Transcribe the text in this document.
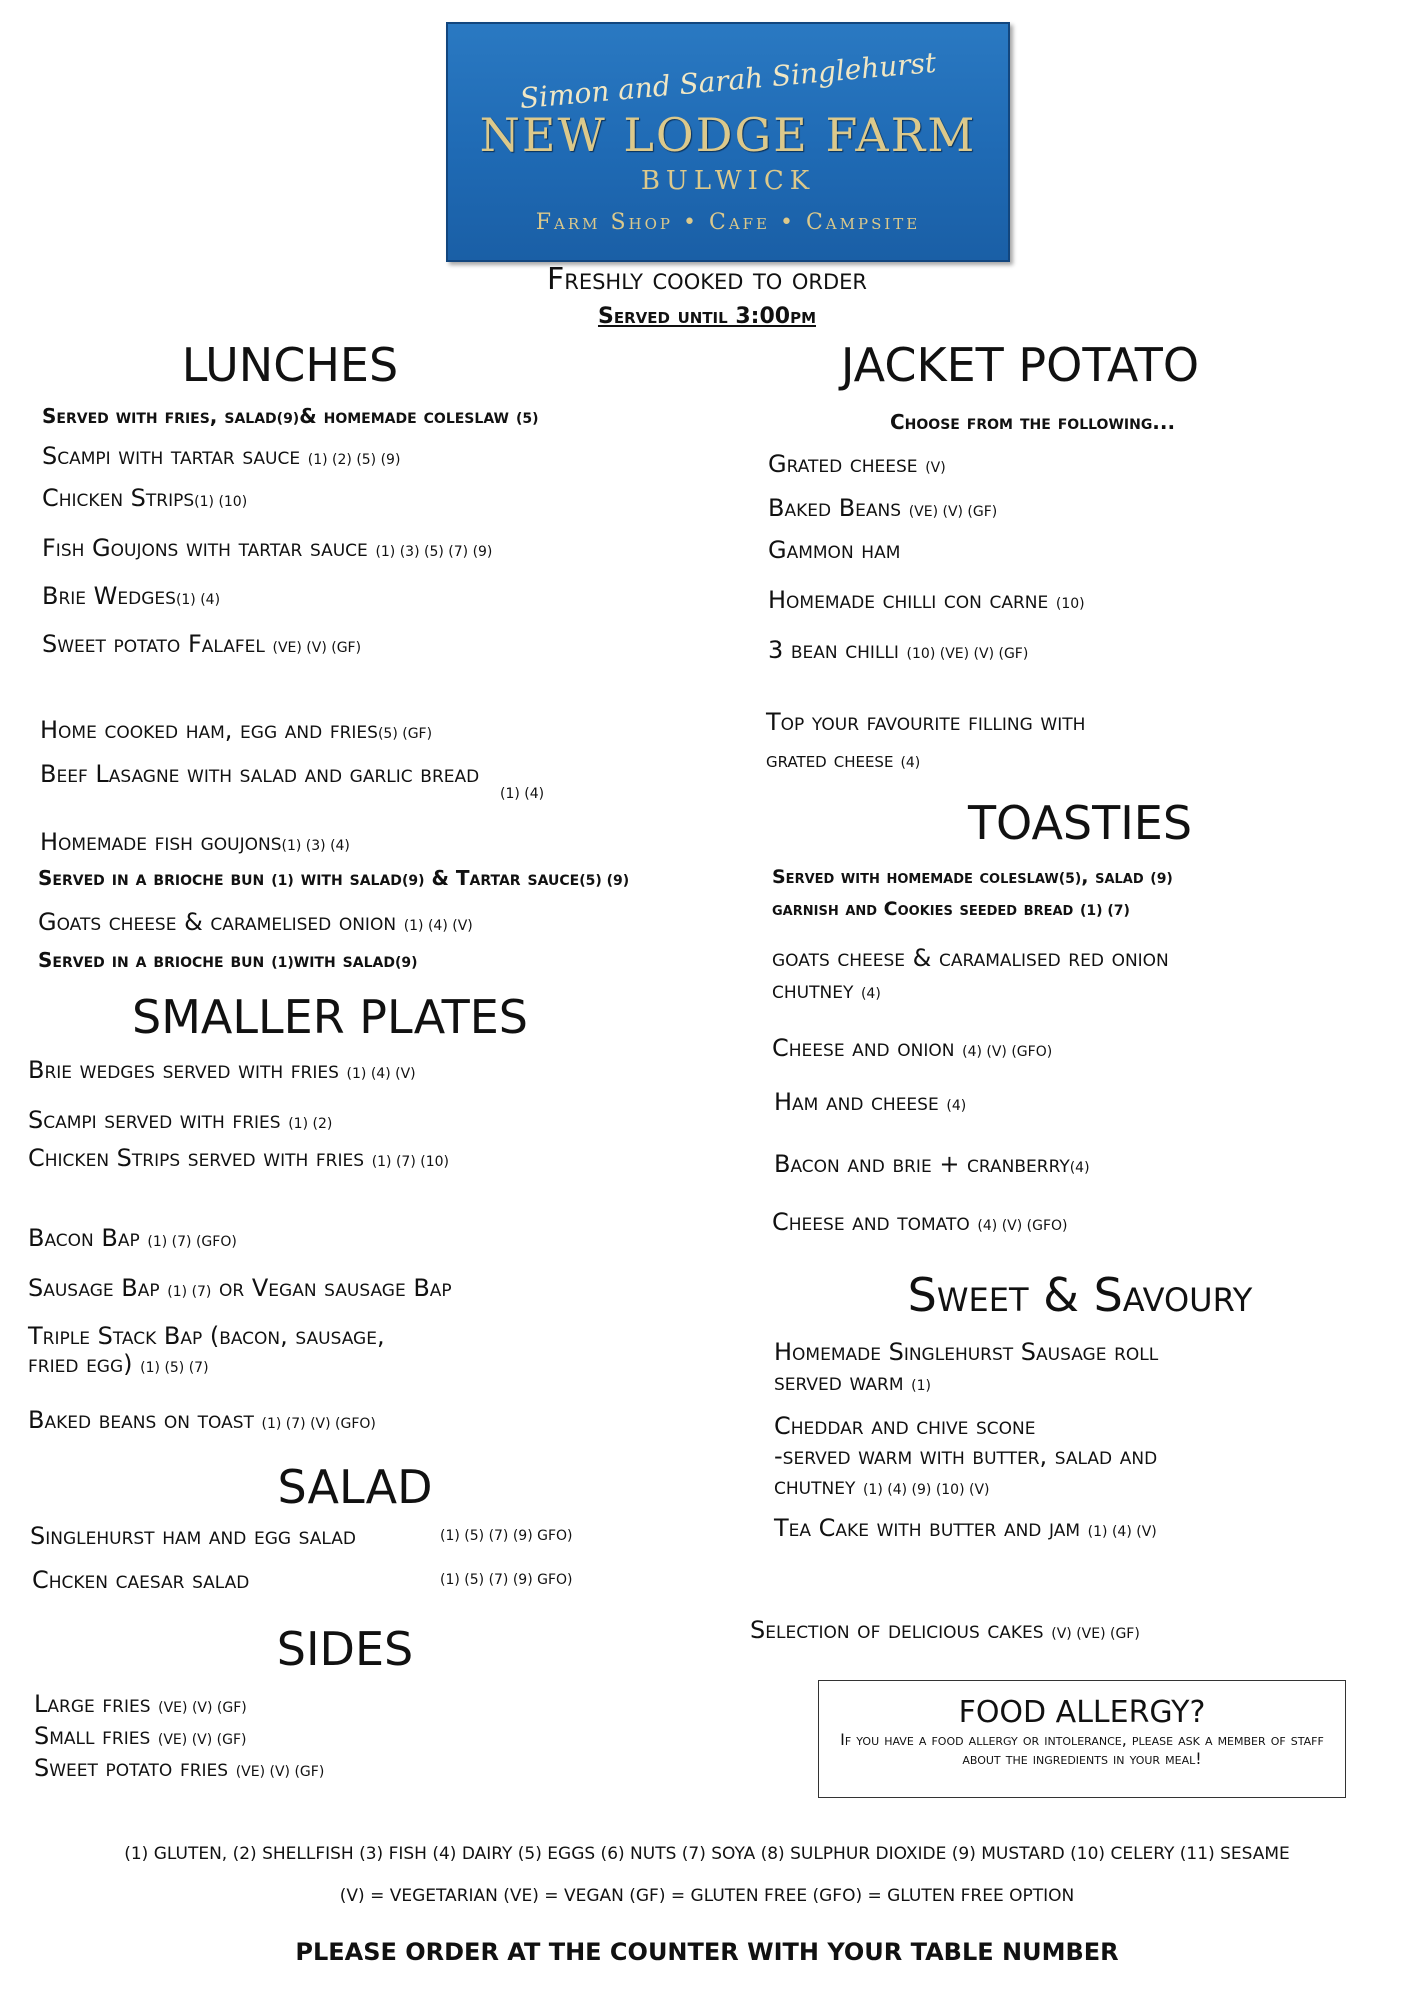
Simon and Sarah Singlehurst
NEW LODGE FARM
BULWICK
Farm Shop • Cafe • Campsite
Freshly cooked to order
Served until 3:00pm
LUNCHES
Served with fries, salad(9)& homemade coleslaw (5)
Scampi with tartar sauce (1) (2) (5) (9)
Chicken Strips(1) (10)
Fish Goujons with tartar sauce (1) (3) (5) (7) (9)
Brie Wedges(1) (4)
Sweet potato Falafel (VE) (V) (GF)
Home cooked ham, egg and fries(5) (GF)
Beef Lasagne with salad and garlic bread
(1) (4)
Homemade fish goujons(1) (3) (4)
Served in a brioche bun (1) with salad(9) & Tartar sauce(5) (9)
Goats cheese & caramelised onion (1) (4) (V)
Served in a brioche bun (1)with salad(9)
SMALLER PLATES
Brie wedges served with fries (1) (4) (V)
Scampi served with fries (1) (2)
Chicken Strips served with fries (1) (7) (10)
Bacon Bap (1) (7) (GFO)
Sausage Bap (1) (7) or Vegan sausage Bap
Triple Stack Bap (bacon, sausage,
fried egg) (1) (5) (7)
Baked beans on toast (1) (7) (V) (GFO)
SALAD
Singlehurst ham and egg salad	(1) (5) (7) (9) GFO)
Chcken caesar salad	(1) (5) (7) (9) GFO)
SIDES
Large fries (VE) (V) (GF)
Small fries (VE) (V) (GF)
Sweet potato fries (VE) (V) (GF)
JACKET POTATO
Choose from the following...
Grated cheese (V)
Baked Beans (VE) (V) (GF)
Gammon ham
Homemade chilli con carne (10)
3 bean chilli (10) (VE) (V) (GF)
Top your favourite filling with
grated cheese (4)
TOASTIES
Served with homemade coleslaw(5), salad (9)
garnish and Cookies seeded bread (1) (7)
goats cheese & caramalised red onion
chutney (4)
Cheese and onion (4) (V) (GFO)
Ham and cheese (4)
Bacon and brie + cranberry(4)
Cheese and tomato (4) (V) (GFO)
Sweet & Savoury
Homemade Singlehurst Sausage roll
served warm (1)
Cheddar and chive scone
-served warm with butter, salad and
chutney (1) (4) (9) (10) (V)
Tea Cake with butter and jam (1) (4) (V)
Selection of delicious cakes (V) (VE) (GF)
FOOD ALLERGY?
If you have a food allergy or intolerance, please ask a member of staff about the ingredients in your meal!
(1) GLUTEN, (2) SHELLFISH (3) FISH (4) DAIRY (5) EGGS (6) NUTS (7) SOYA (8) SULPHUR DIOXIDE (9) MUSTARD (10) CELERY (11) SESAME
(V) = VEGETARIAN (VE) = VEGAN (GF) = GLUTEN FREE (GFO) = GLUTEN FREE OPTION
PLEASE ORDER AT THE COUNTER WITH YOUR TABLE NUMBER
